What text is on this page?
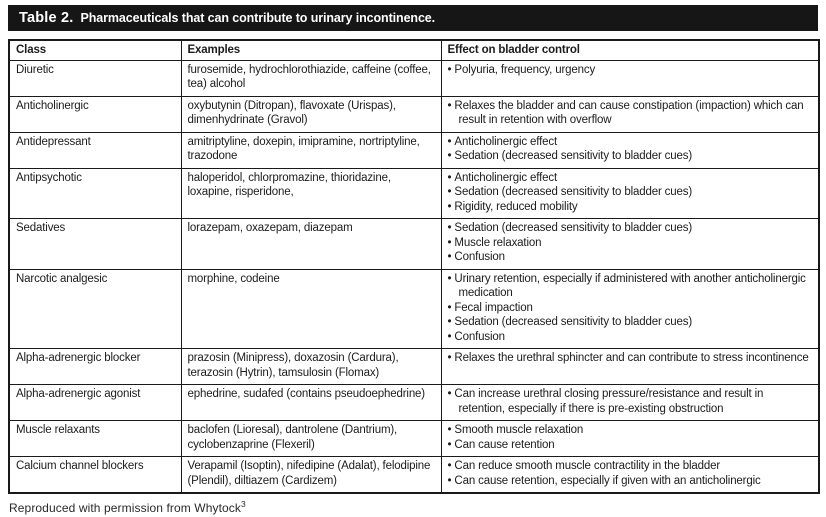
Table 2. Pharmaceuticals that can contribute to urinary incontinence.
Class	Examples	Effect on bladder control
Diuretic	furosemide, hydrochlorothiazide, caffeine (coffee, tea) alcohol	• Polyuria, frequency, urgency

Anticholinergic	oxybutynin (Ditropan), flavoxate (Urispas), dimenhydrinate (Gravol)	• Relaxes the bladder and can cause constipation (impaction) which can result in retention with overflow

Antidepressant	amitriptyline, doxepin, imipramine, nortriptyline, trazodone	• Anticholinergic effect
• Sedation (decreased sensitivity to bladder cues)

Antipsychotic	haloperidol, chlorpromazine, thioridazine, loxapine, risperidone,	• Anticholinergic effect
• Sedation (decreased sensitivity to bladder cues)
• Rigidity, reduced mobility

Sedatives	lorazepam, oxazepam, diazepam	• Sedation (decreased sensitivity to bladder cues)
• Muscle relaxation
• Confusion

Narcotic analgesic	morphine, codeine	• Urinary retention, especially if administered with another anticholinergic medication
• Fecal impaction
• Sedation (decreased sensitivity to bladder cues)
• Confusion

Alpha-adrenergic blocker	prazosin (Minipress), doxazosin (Cardura), terazosin (Hytrin), tamsulosin (Flomax)	• Relaxes the urethral sphincter and can contribute to stress incontinence

Alpha-adrenergic agonist	ephedrine, sudafed (contains pseudoephedrine)	• Can increase urethral closing pressure/resistance and result in retention, especially if there is pre-existing obstruction

Muscle relaxants	baclofen (Lioresal), dantrolene (Dantrium), cyclobenzaprine (Flexeril)	• Smooth muscle relaxation
• Can cause retention

Calcium channel blockers	Verapamil (Isoptin), nifedipine (Adalat), felodipine (Plendil), diltiazem (Cardizem)	• Can reduce smooth muscle contractility in the bladder
• Can cause retention, especially if given with an anticholinergic
Reproduced with permission from Whytock$^3$
